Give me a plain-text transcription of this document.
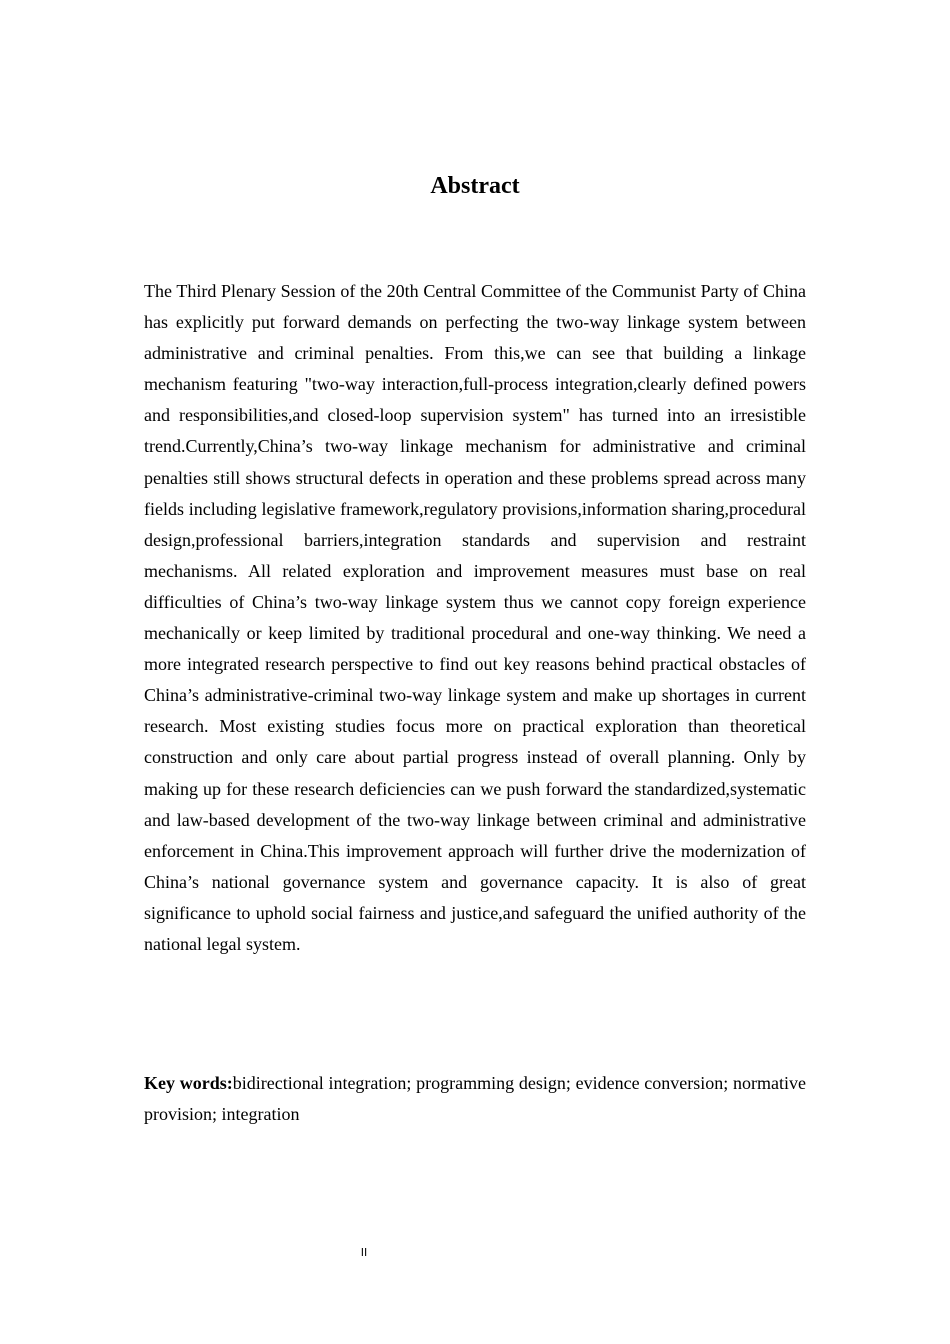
Abstract

The Third Plenary Session of the 20th Central Committee of the Communist Party of China has explicitly put forward demands on perfecting the two-way linkage system between administrative and criminal penalties. From this,we can see that building a linkage mechanism featuring "two-way interaction,full-process integration,clearly defined powers and responsibilities,and closed-loop supervision system" has turned into an irresistible trend.Currently,China’s two-way linkage mechanism for administrative and criminal penalties still shows structural defects in operation and these problems spread across many fields including legislative framework,regulatory provisions,information sharing,procedural design,professional barriers,integration standards and supervision and restraint mechanisms. All related exploration and improvement measures must base on real difficulties of China’s two-way linkage system thus we cannot copy foreign experience mechanically or keep limited by traditional procedural and one-way thinking. We need a more integrated research perspective to find out key reasons behind practical obstacles of China’s administrative-criminal two-way linkage system and make up shortages in current research. Most existing studies focus more on practical exploration than theoretical construction and only care about partial progress instead of overall planning. Only by making up for these research deficiencies can we push forward the standardized,systematic and law-based development of the two-way linkage between criminal and administrative enforcement in China.This improvement approach will further drive the modernization of China’s national governance system and governance capacity. It is also of great significance to uphold social fairness and justice,and safeguard the unified authority of the national legal system.

Key words:bidirectional integration; programming design; evidence conversion; normative provision; integration

II
